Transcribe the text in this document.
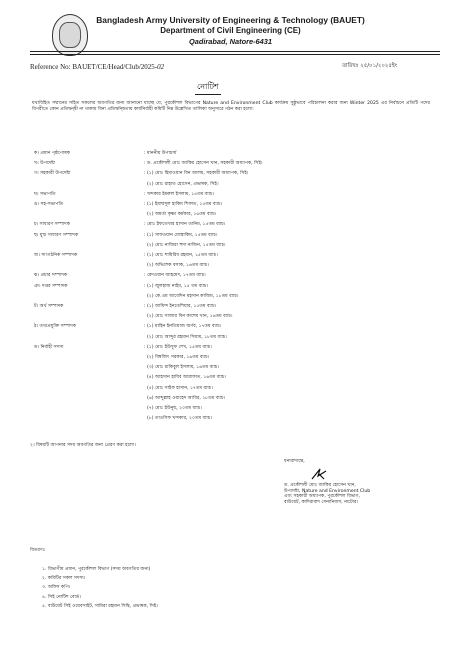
Bangladesh Army University of Engineering & Technology (BAUET)
Department of Civil Engineering (CE)
Qadirabad, Natore-6431
Reference No: BAUET/CE/Head/Club/2025-02	তারিখঃ ২৫/০১/২০২৫ইং
নোটিশ
যথাবিহিত সম্মানের সহিত সকলের অবগতির জন্য জানানো যাচ্ছে যে, পুরকৌশল বিভাগের Nature and Environment Club কার্যক্রম সুষ্ঠুভাবে পরিচালনা করার জন্য Winter 2025 এর নির্বাচনে প্রতিটি পদের বিপরীতে কোন প্রতিদ্বন্দ্বী না থাকায় বিনা প্রতিদ্বন্দ্বিতায় কার্যনির্বাহী কমিটি নিম্ন উল্লেখিত তালিকা অনুসারে গঠন করা হলো:
ক। প্রধান পৃষ্ঠপোষক	: মাননীয় উপাচার্য
খ। উপদেষ্টা	: ড. প্রকৌশলী মোঃ জাকির হোসেন খান, সহকারী অধ্যাপক, সিই।
গ। সহকারী উপদেষ্টা	: (১) মোঃ হিমাওয়ান বিন আলম, সহকারী অধ্যাপক, সিই।
(২) মোঃ রাহাত হোসেন, প্রভাষক, সিই।
ঘ। সভাপতি	: খন্দকার ইমরুল ইসলাম, ১৫তম ব্যাচ।
ঙ। সহ-সভাপতি	: (১) ইমাম্মদুল হাকিম শিফাত, ১৫তম ব্যাচ।
(২) অমর্ত্য কৃষ্ণা কর্মকার, ১৬তম ব্যাচ।
চ। সাধারণ সম্পাদক	: মোঃ ইফতেখার হাসান তানিম, ১৫তম ব্যাচ।
ছ। যুগ্ম সাধারণ সম্পাদক	: (১) সাফওয়ান মোস্তাকিম, ১৫তম ব্যাচ।
(২) মোঃ নাজিরা হুদা নাজিন, ১৫তম ব্যাচ।
জ। সাংগঠনিক সম্পাদক	: (১) মোঃ শামিরিব রহমান, ১৫তম ব্যাচ।
(২) অভিশেক বসাক, ১৬তম ব্যাচ।
ঝ। প্রচার সম্পাদক	: রেদওয়ান আহমেদ, ১৭তম ব্যাচ।
ঞ। দপ্তর সম্পাদক	: (১) জুলহাজ নাইম, ১৫ তম ব্যাচ।
(২) কে.এম আবেদিন মহসান কাজিম, ১৮তম ব্যাচ।
ট। অর্থ সম্পাদক	: (১) আযিন্দ ইনতেশিয়ার, ১৫তম ব্যাচ।
(২) মোঃ সাজার বিন কাশেম খান, ১৬তম ব্যাচ।
ঠ। তথ্যপ্রযুক্তি সম্পাদক	: (১) মাহিন ইনতিয়াজ অর্ণব, ১৭তম ব্যাচ।
(২) মোঃ আব্দুর রহমান সিয়াম, ১৮তম ব্যাচ।
ড। নির্বাহী সদস্য	: (১) মোঃ ইউসুফ শেখ, ১৫তম ব্যাচ।
(২) বিশ্বজিৎ সরকার, ১৬তম ব্যাচ।
(৩) মোঃ রাকিবুল ইসলাম, ১৬তম ব্যাচ।
(৪) আহসান হাবিব আরাফাত, ১৬তম ব্যাচ।
(৫) মোঃ সাইফ হাসান, ১৭তম ব্যাচ।
(৬) আব্দুল্লাহ ওয়াহেদ আবির, ১৮তম ব্যাচ।
(৭) মোঃ ইউনুছ, ২০তম ব্যাচ।
(৮) তাওসিফ খন্দকার, ২০তম ব্যাচ।
২। বিষয়টি আপনার সদয় অবগতির জন্য প্রেরণ করা হলো।
ধন্যবাদান্তে,
ড. প্রকৌশলী মোঃ জাকির হোসেন খান,
উপদেষ্টা, Nature and Environment Club
এবং সহকারী অধ্যাপক, পুরকৌশল বিভাগ,
বাউয়েট, কাদিরাবাদ সেনানিবাস, নাটোর।
বিতরণঃ
১. বিভাগীয় প্রধান, পুরকৌশল বিভাগ (সদয় অবগতির জন্য)
২. কমিটির সকল সদস্য।
৩. অফিস কপি।
৪. সিই নোটিশ বোর্ড।
৫. বাউয়েট সিই ওয়েবসাইট, সামিরা রহমান সিন্থি, প্রভাষক, সিই।
